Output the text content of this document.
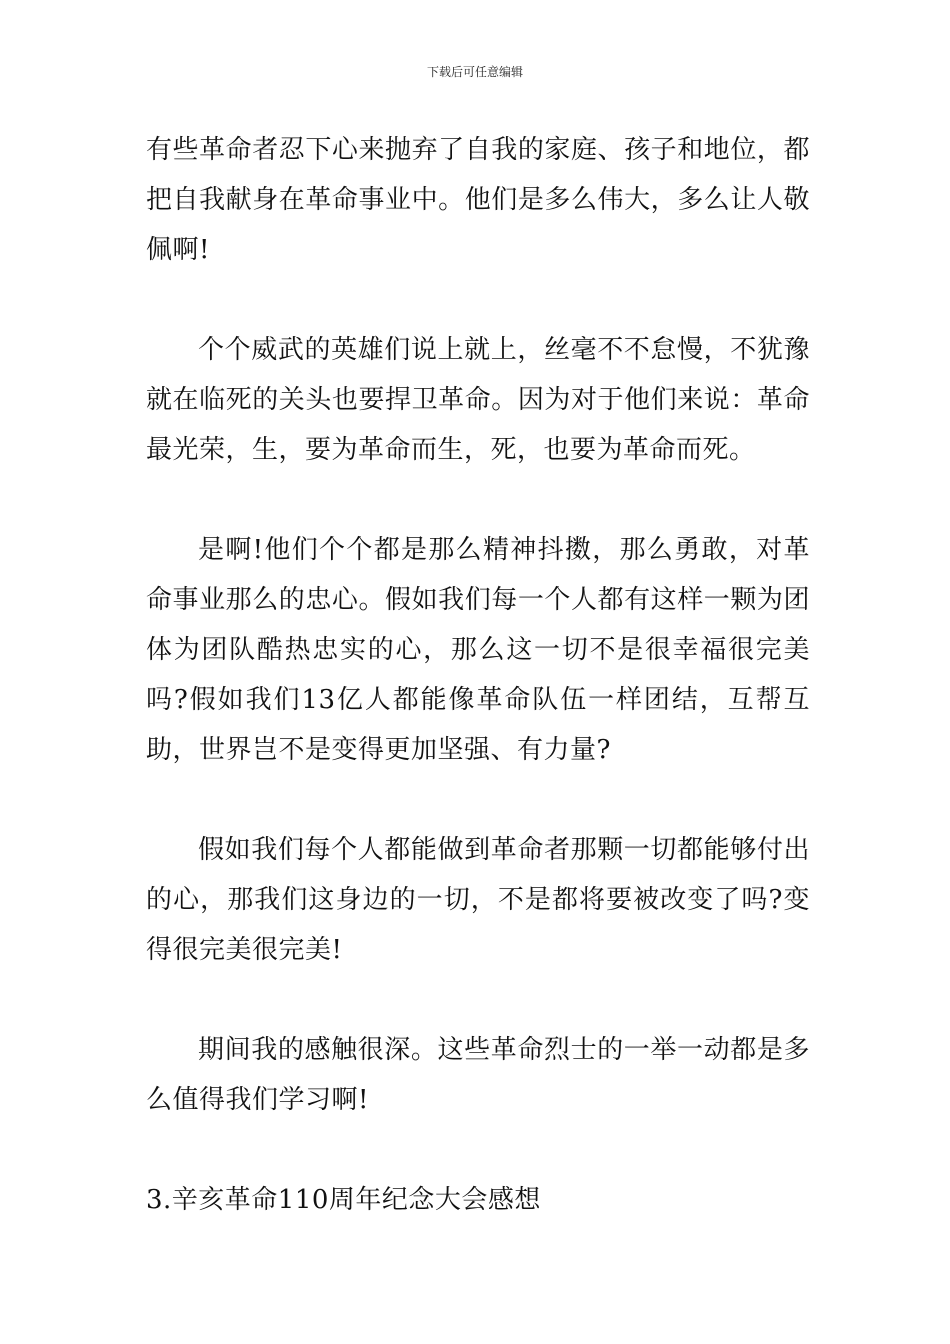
下载后可任意编辑

有些革命者忍下心来抛弃了自我的家庭、孩子和地位，都把自我献身在革命事业中。他们是多么伟大，多么让人敬佩啊!

个个威武的英雄们说上就上，丝毫不不怠慢，不犹豫就在临死的关头也要捍卫革命。因为对于他们来说：革命最光荣，生，要为革命而生，死，也要为革命而死。

是啊!他们个个都是那么精神抖擞，那么勇敢，对革命事业那么的忠心。假如我们每一个人都有这样一颗为团体为团队酷热忠实的心，那么这一切不是很幸福很完美吗?假如我们13亿人都能像革命队伍一样团结，互帮互助，世界岂不是变得更加坚强、有力量?

假如我们每个人都能做到革命者那颗一切都能够付出的心，那我们这身边的一切，不是都将要被改变了吗?变得很完美很完美!

期间我的感触很深。这些革命烈士的一举一动都是多么值得我们学习啊!

3.辛亥革命110周年纪念大会感想
